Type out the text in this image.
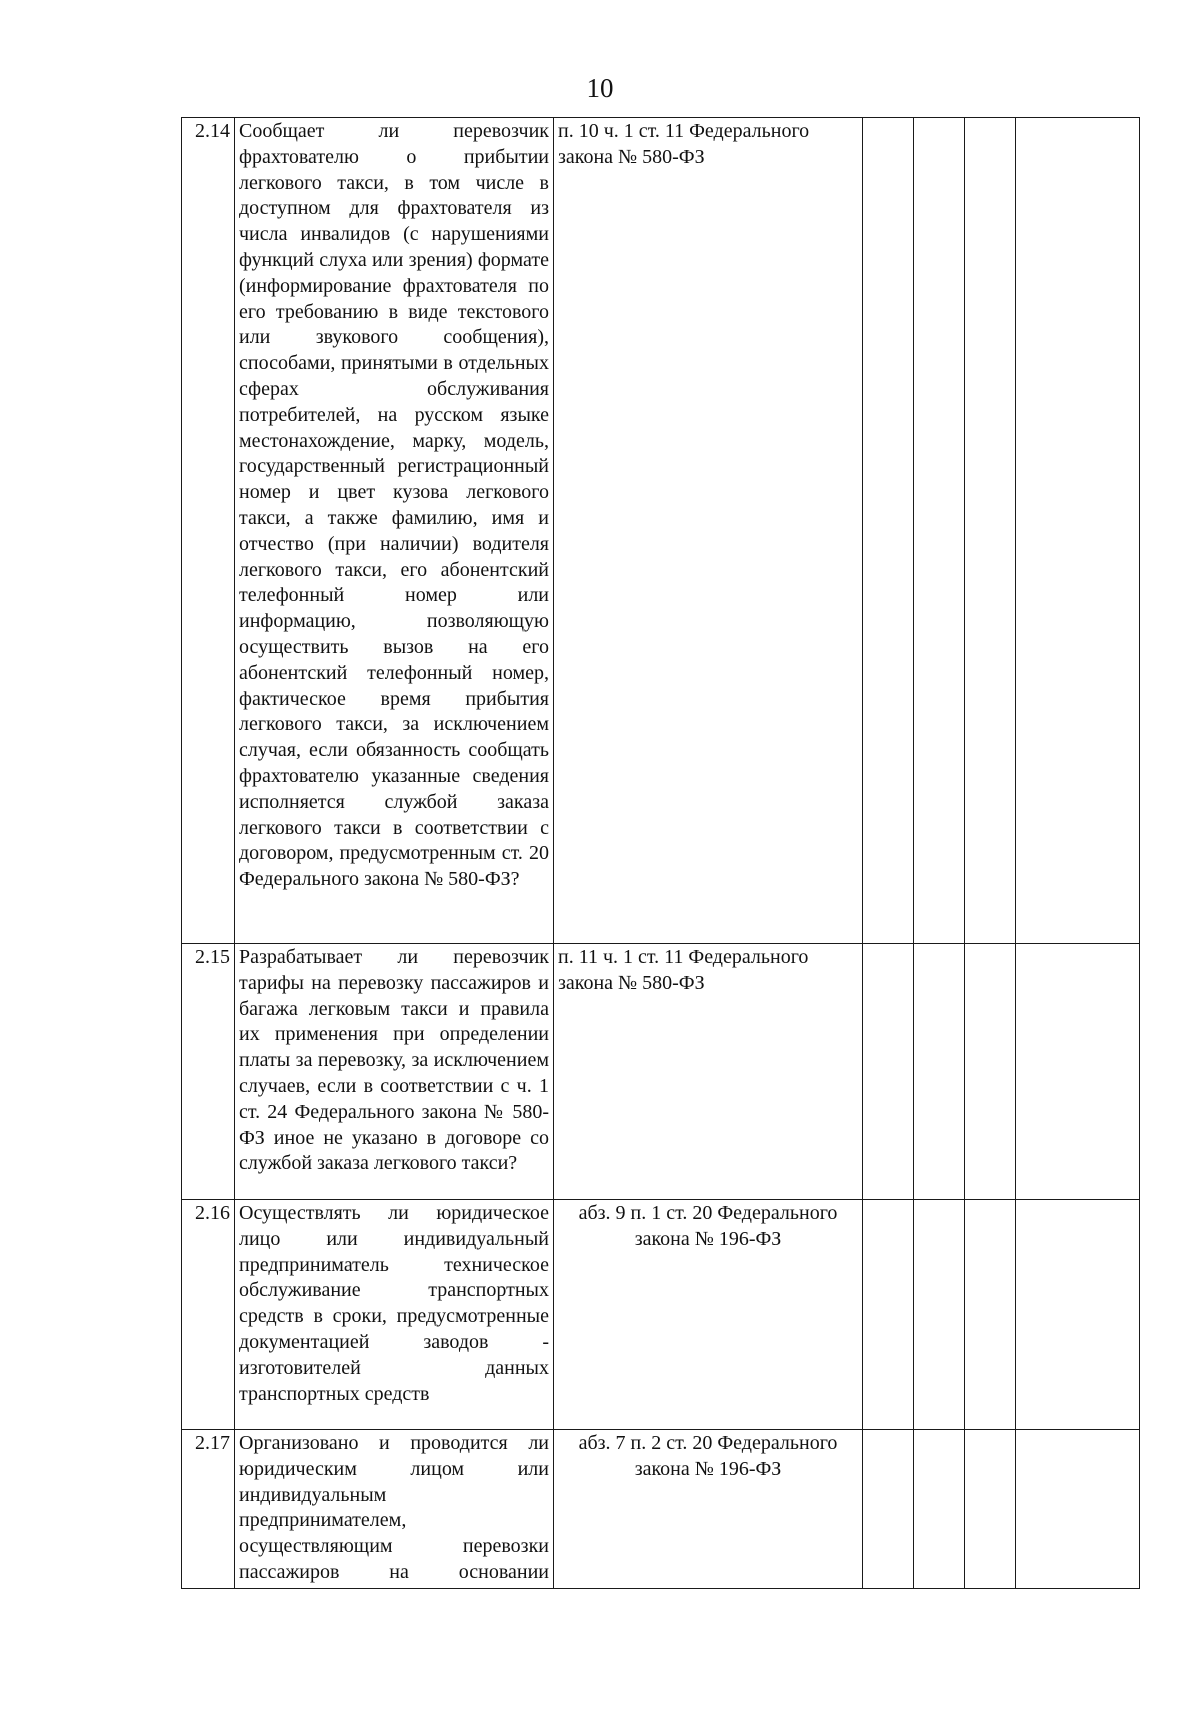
10
2.14	Сообщает ли перевозчик фрахтователю о прибытии легкового такси, в том числе в доступном для фрахтователя из числа инвалидов (с нарушениями функций слуха или зрения) формате (информирование фрахтователя по его требованию в виде текстового или звукового сообщения), способами, принятыми в отдельных сферах обслуживания потребителей, на русском языке местонахождение, марку, модель, государственный регистрационный номер и цвет кузова легкового такси, а также фамилию, имя и отчество (при наличии) водителя легкового такси, его абонентский телефонный номер или информацию, позволяющую осуществить вызов на его абонентский телефонный номер, фактическое время прибытия легкового такси, за исключением случая, если обязанность сообщать фрахтователю указанные сведения исполняется службой заказа легкового такси в соответствии с договором, предусмотренным ст. 20 Федерального закона № 580-ФЗ?	п. 10 ч. 1 ст. 11 Федерального закона № 580-ФЗ				
2.15	Разрабатывает ли перевозчик тарифы на перевозку пассажиров и багажа легковым такси и правила их применения при определении платы за перевозку, за исключением случаев, если в соответствии с ч. 1 ст. 24 Федерального закона № 580-ФЗ иное не указано в договоре со службой заказа легкового такси?	п. 11 ч. 1 ст. 11 Федерального закона № 580-ФЗ				
2.16	Осуществлять ли юридическое лицо или индивидуальный предприниматель техническое обслуживание транспортных средств в сроки, предусмотренные документацией заводов - изготовителей данных транспортных средств	абз. 9 п. 1 ст. 20 Федерального закона № 196-ФЗ				
2.17	Организовано и проводится ли юридическим лицом или индивидуальным предпринимателем, осуществляющим перевозки пассажиров на основании	абз. 7 п. 2 ст. 20 Федерального закона № 196-ФЗ				
